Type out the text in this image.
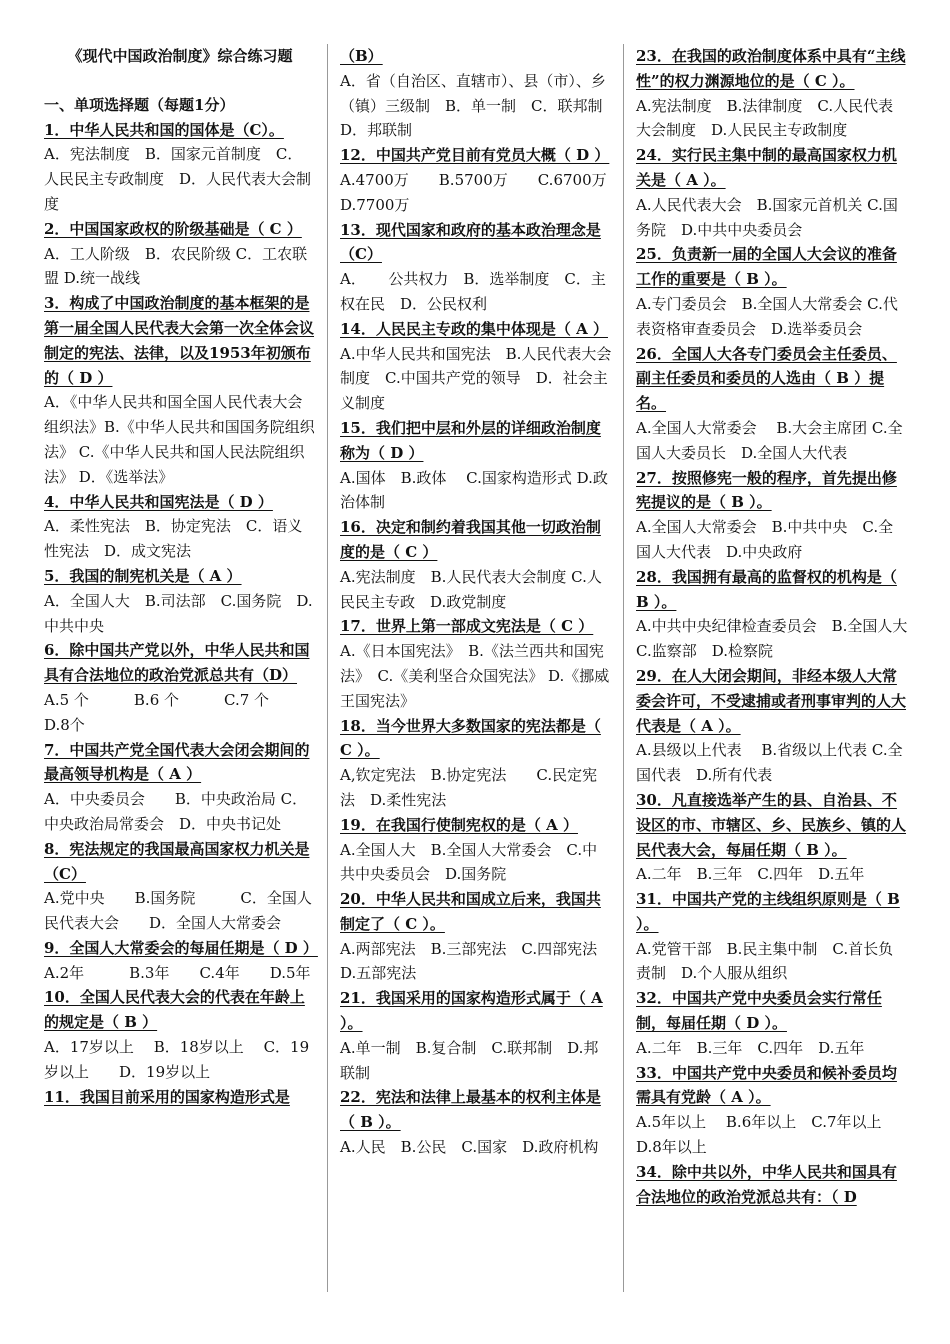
《现代中国政治制度》综合练习题
一、单项选择题（每题1分）
1．中华人民共和国的国体是（C）。
A．宪法制度　B．国家元首制度　C．人民民主专政制度　D．人民代表大会制度
2．中国国家政权的阶级基础是（ C ）
A．工人阶级　B．农民阶级 C．工农联盟 D.统一战线
3．构成了中国政治制度的基本框架的是第一届全国人民代表大会第一次全体会议制定的宪法、法律，以及1953年初颁布的（ D ）
A．《中华人民共和国全国人民代表大会组织法》B.《中华人民共和国国务院组织法》 C.《中华人民共和国人民法院组织法》 D．《选举法》
4．中华人民共和国宪法是（ D ）
A．柔性宪法　B．协定宪法　C．语义性宪法　D．成文宪法
5．我国的制宪机关是（ A ）
A．全国人大　B.司法部　C.国务院　D.中共中央
6．除中国共产党以外，中华人民共和国具有合法地位的政治党派总共有（D）
A.5 个　　　B.6 个　　　C.7 个　　D.8个
7．中国共产党全国代表大会闭会期间的最高领导机构是（ A ）
A．中央委员会　　B．中央政治局 C．中央政治局常委会　D．中央书记处
8．宪法规定的我国最高国家权力机关是（C）
A.党中央　　B.国务院　　　C．全国人民代表大会　　D．全国人大常委会
9．全国人大常委会的每届任期是（ D ）
A.2年　　　B.3年　　C.4年　　D.5年
10．全国人民代表大会的代表在年龄上的规定是（ B ）
A．17岁以上　 B．18岁以上　 C．19岁以上　　D．19岁以上
11．我国目前采用的国家构造形式是
（B）
A．省（自治区、直辖市）、县（市）、乡（镇）三级制　B．单一制　C．联邦制　D．邦联制
12．中国共产党目前有党员大概（ D ）
A.4700万　　B.5700万　　C.6700万 D.7700万
13．现代国家和政府的基本政治理念是（C）
A．　　公共权力　B．选举制度　C．主权在民　D．公民权利
14．人民民主专政的集中体现是（ A ）
A.中华人民共和国宪法　B.人民代表大会制度　C.中国共产党的领导　D．社会主义制度
15．我们把中层和外层的详细政治制度称为（ D ）
A.国体　B.政体　 C.国家构造形式 D.政治体制
16．决定和制约着我国其他一切政治制度的是（ C ）
A.宪法制度　B.人民代表大会制度 C.人民民主专政　D.政党制度
17．世界上第一部成文宪法是（ C ）
A.《日本国宪法》　B.《法兰西共和国宪法》　C.《美利坚合众国宪法》 D.《挪威王国宪法》
18．当今世界大多数国家的宪法都是（ C ）。
A,钦定宪法　B.协定宪法　　C.民定宪法　D.柔性宪法
19．在我国行使制宪权的是（ A ）
A.全国人大　B.全国人大常委会　C.中共中央委员会　D.国务院
20．中华人民共和国成立后来，我国共制定了（ C ）。
A.两部宪法　B.三部宪法　C.四部宪法　D.五部宪法
21．我国采用的国家构造形式属于（ A ）。
A.单一制　B.复合制　C.联邦制　D.邦联制
22．宪法和法律上最基本的权利主体是（ B ）。
A.人民　B.公民　C.国家　D.政府机构
23．在我国的政治制度体系中具有“主线性”的权力渊源地位的是（ C ）。
A.宪法制度　B.法律制度　C.人民代表大会制度　D.人民民主专政制度
24．实行民主集中制的最高国家权力机关是（ A ）。
A.人民代表大会　B.国家元首机关 C.国务院　D.中共中央委员会
25．负责新一届的全国人大会议的准备工作的重要是（ B ）。
A.专门委员会　B.全国人大常委会 C.代表资格审查委员会　D.选举委员会
26．全国人大各专门委员会主任委员、副主任委员和委员的人选由（ B ）提名。
A.全国人大常委会　 B.大会主席团 C.全国人大委员长　D.全国人大代表
27．按照修宪一般的程序，首先提出修宪提议的是（ B ）。
A.全国人大常委会　B.中共中央　C.全国人大代表　D.中央政府
28．我国拥有最高的监督权的机构是（ B ）。
A.中共中央纪律检查委员会　B.全国人大　C.监察部　D.检察院
29．在人大闭会期间，非经本级人大常委会许可，不受逮捕或者刑事审判的人大代表是（ A ）。
A.县级以上代表　 B.省级以上代表 C.全国代表　D.所有代表
30．凡直接选举产生的县、自治县、不设区的市、市辖区、乡、民族乡、镇的人民代表大会，每届任期（ B ）。
A.二年　B.三年　C.四年　D.五年
31．中国共产党的主线组织原则是（ B ）。
A.党管干部　B.民主集中制　C.首长负责制　D.个人服从组织
32．中国共产党中央委员会实行常任制，每届任期（ D ）。
A.二年　B.三年　C.四年　D.五年
33．中国共产党中央委员和候补委员均需具有党龄（ A ）。
A.5年以上　 B.6年以上　C.7年以上　D.8年以上
34．除中共以外，中华人民共和国具有合法地位的政治党派总共有：（ D
